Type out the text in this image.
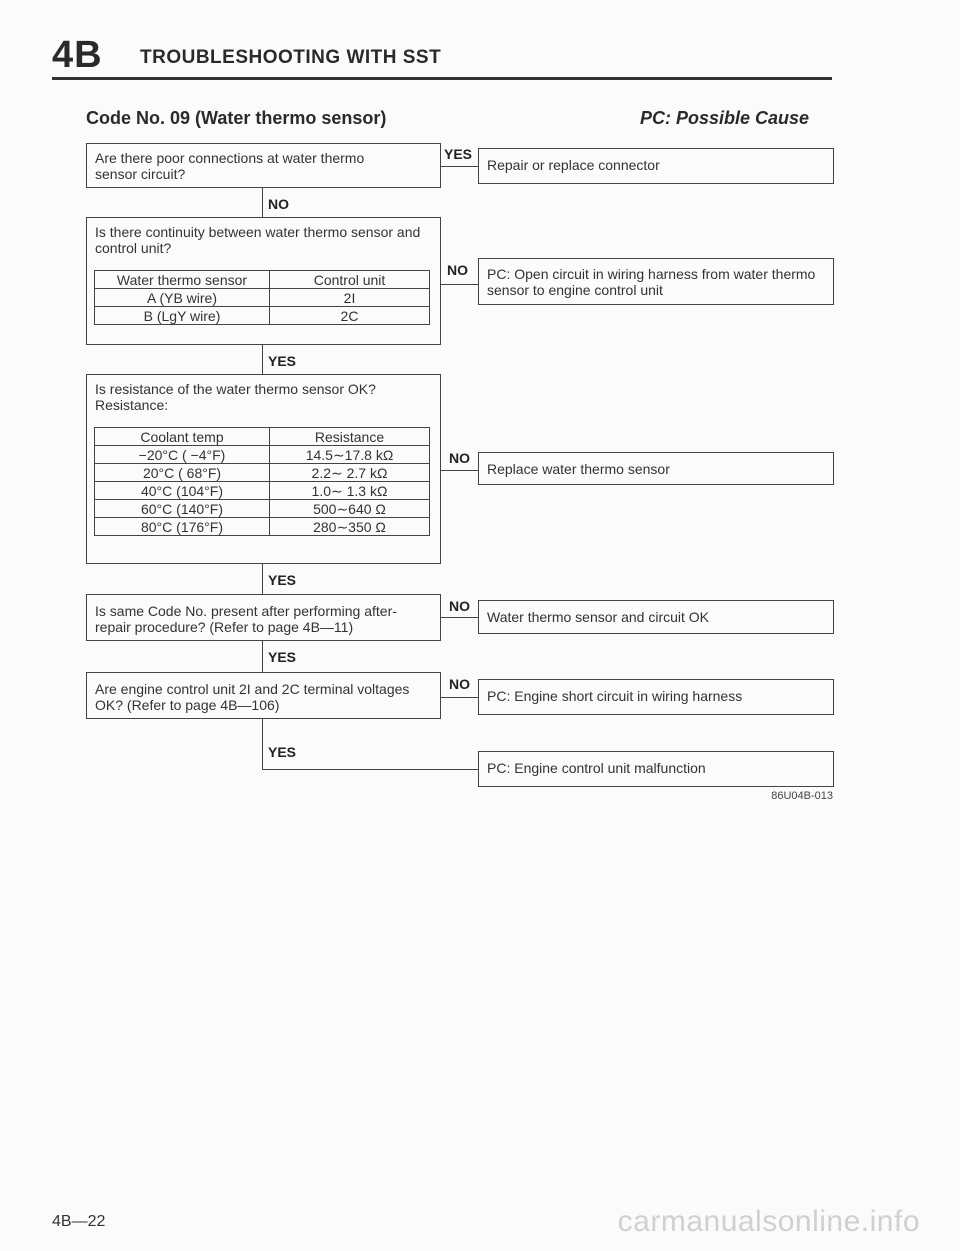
4B TROUBLESHOOTING WITH SST
Code No. 09 (Water thermo sensor)	PC: Possible Cause
Are there poor connections at water thermo sensor circuit?
YES
Repair or replace connector
NO
Is there continuity between water thermo sensor and control unit?
Water thermo sensor	Control unit
A (YB wire)	2I
B (LgY wire)	2C
NO PC: Open circuit in wiring harness from water thermo sensor to engine control unit
YES
Is resistance of the water thermo sensor OK?
Resistance:
Coolant temp	Resistance
−20°C ( −4°F)	14.5∼17.8 kΩ
20°C ( 68°F)	2.2∼ 2.7 kΩ
40°C (104°F)	1.0∼ 1.3 kΩ
60°C (140°F)	500∼640 Ω
80°C (176°F)	280∼350 Ω
NO
Replace water thermo sensor
YES
Is same Code No. present after performing after-repair procedure? (Refer to page 4B—11)
NO
Water thermo sensor and circuit OK
YES
Are engine control unit 2I and 2C terminal voltages OK? (Refer to page 4B—106)
NO
PC: Engine short circuit in wiring harness
YES
PC: Engine control unit malfunction
86U04B-013
4B—22	carmanualsonline.info
